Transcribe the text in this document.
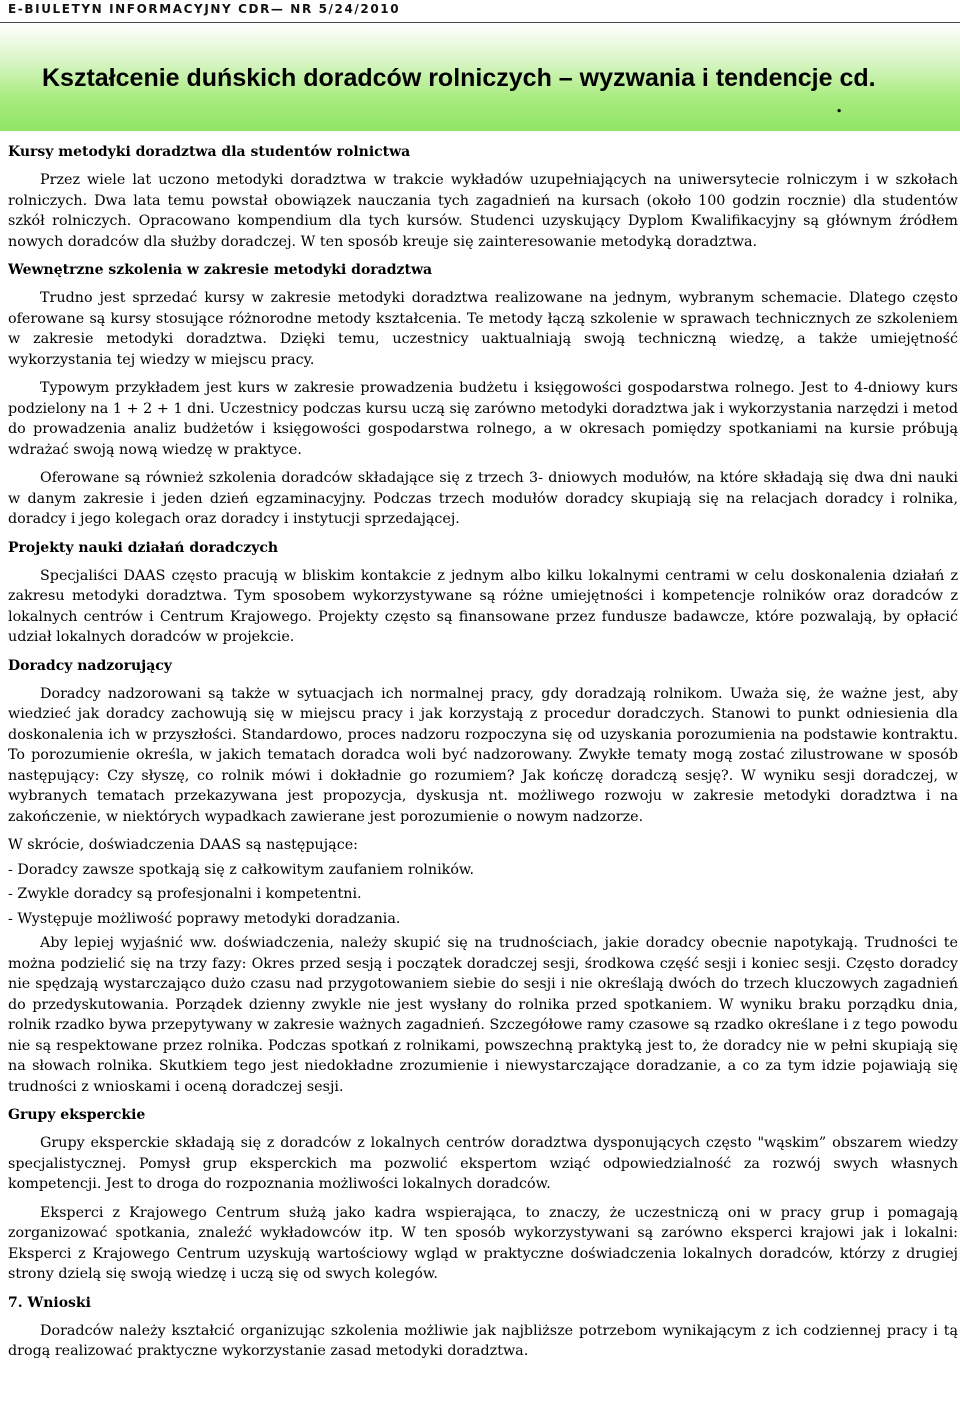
E-BIULETYN INFORMACYJNY CDR— NR 5/24/2010
Kształcenie duńskich doradców rolniczych – wyzwania i tendencje cd.
.
Kursy metodyki doradztwa dla studentów rolnictwa

Przez wiele lat uczono metodyki doradztwa w trakcie wykładów uzupełniających na uniwersytecie rolniczym i w szkołach rolniczych. Dwa lata temu powstał obowiązek nauczania tych zagadnień na kursach (około 100 godzin rocznie) dla studentów szkół rolniczych. Opracowano kompendium dla tych kursów. Studenci uzyskujący Dyplom Kwalifikacyjny są głównym źródłem nowych doradców dla służby doradczej. W ten sposób kreuje się zainteresowanie metodyką doradztwa.

Wewnętrzne szkolenia w zakresie metodyki doradztwa

Trudno jest sprzedać kursy w zakresie metodyki doradztwa realizowane na jednym, wybranym schemacie. Dlatego często oferowane są kursy stosujące różnorodne metody kształcenia. Te metody łączą szkolenie w sprawach technicznych ze szkoleniem w zakresie metodyki doradztwa. Dzięki temu, uczestnicy uaktualniają swoją techniczną wiedzę, a także umiejętność wykorzystania tej wiedzy w miejscu pracy.

Typowym przykładem jest kurs w zakresie prowadzenia budżetu i księgowości gospodarstwa rolnego. Jest to 4-dniowy kurs podzielony na 1 + 2 + 1 dni. Uczestnicy podczas kursu uczą się zarówno metodyki doradztwa jak i wykorzystania narzędzi i metod do prowadzenia analiz budżetów i księgowości gospodarstwa rolnego, a w okresach pomiędzy spotkaniami na kursie próbują wdrażać swoją nową wiedzę w praktyce.

Oferowane są również szkolenia doradców składające się z trzech 3- dniowych modułów, na które składają się dwa dni nauki w danym zakresie i jeden dzień egzaminacyjny. Podczas trzech modułów doradcy skupiają się na relacjach doradcy i rolnika, doradcy i jego kolegach oraz doradcy i instytucji sprzedającej.

Projekty nauki działań doradczych

Specjaliści DAAS często pracują w bliskim kontakcie z jednym albo kilku lokalnymi centrami w celu doskonalenia działań z zakresu metodyki doradztwa. Tym sposobem wykorzystywane są różne umiejętności i kompetencje rolników oraz doradców z lokalnych centrów i Centrum Krajowego. Projekty często są finansowane przez fundusze badawcze, które pozwalają, by opłacić udział lokalnych doradców w projekcie.

Doradcy nadzorujący

Doradcy nadzorowani są także w sytuacjach ich normalnej pracy, gdy doradzają rolnikom. Uważa się, że ważne jest, aby wiedzieć jak doradcy zachowują się w miejscu pracy i jak korzystają z procedur doradczych. Stanowi to punkt odniesienia dla doskonalenia ich w przyszłości. Standardowo, proces nadzoru rozpoczyna się od uzyskania porozumienia na podstawie kontraktu. To porozumienie określa, w jakich tematach doradca woli być nadzorowany. Zwykłe tematy mogą zostać zilustrowane w sposób następujący: Czy słyszę, co rolnik mówi i dokładnie go rozumiem? Jak kończę doradczą sesję?. W wyniku sesji doradczej, w wybranych tematach przekazywana jest propozycja, dyskusja nt. możliwego rozwoju w zakresie metodyki doradztwa i na zakończenie, w niektórych wypadkach zawierane jest porozumienie o nowym nadzorze.

W skrócie, doświadczenia DAAS są następujące:

- Doradcy zawsze spotkają się z całkowitym zaufaniem rolników.

- Zwykle doradcy są profesjonalni i kompetentni.

- Występuje możliwość poprawy metodyki doradzania.

Aby lepiej wyjaśnić ww. doświadczenia, należy skupić się na trudnościach, jakie doradcy obecnie napotykają. Trudności te można podzielić się na trzy fazy: Okres przed sesją i początek doradczej sesji, środkowa część sesji i koniec sesji. Często doradcy nie spędzają wystarczająco dużo czasu nad przygotowaniem siebie do sesji i nie określają dwóch do trzech kluczowych zagadnień do przedyskutowania. Porządek dzienny zwykle nie jest wysłany do rolnika przed spotkaniem. W wyniku braku porządku dnia, rolnik rzadko bywa przepytywany w zakresie ważnych zagadnień. Szczegółowe ramy czasowe są rzadko określane i z tego powodu nie są respektowane przez rolnika. Podczas spotkań z rolnikami, powszechną praktyką jest to, że doradcy nie w pełni skupiają się na słowach rolnika. Skutkiem tego jest niedokładne zrozumienie i niewystarczające doradzanie, a co za tym idzie pojawiają się trudności z wnioskami i oceną doradczej sesji.

Grupy eksperckie

Grupy eksperckie składają się z doradców z lokalnych centrów doradztwa dysponujących często "wąskim” obszarem wiedzy specjalistycznej. Pomysł grup eksperckich ma pozwolić ekspertom wziąć odpowiedzialność za rozwój swych własnych kompetencji. Jest to droga do rozpoznania możliwości lokalnych doradców.

Eksperci z Krajowego Centrum służą jako kadra wspierająca, to znaczy, że uczestniczą oni w pracy grup i pomagają zorganizować spotkania, znaleźć wykładowców itp. W ten sposób wykorzystywani są zarówno eksperci krajowi jak i lokalni: Eksperci z Krajowego Centrum uzyskują wartościowy wgląd w praktyczne doświadczenia lokalnych doradców, którzy z drugiej strony dzielą się swoją wiedzę i uczą się od swych kolegów.

7. Wnioski

Doradców należy kształcić organizując szkolenia możliwie jak najbliższe potrzebom wynikającym z ich codziennej pracy i tą drogą realizować praktyczne wykorzystanie zasad metodyki doradztwa.
